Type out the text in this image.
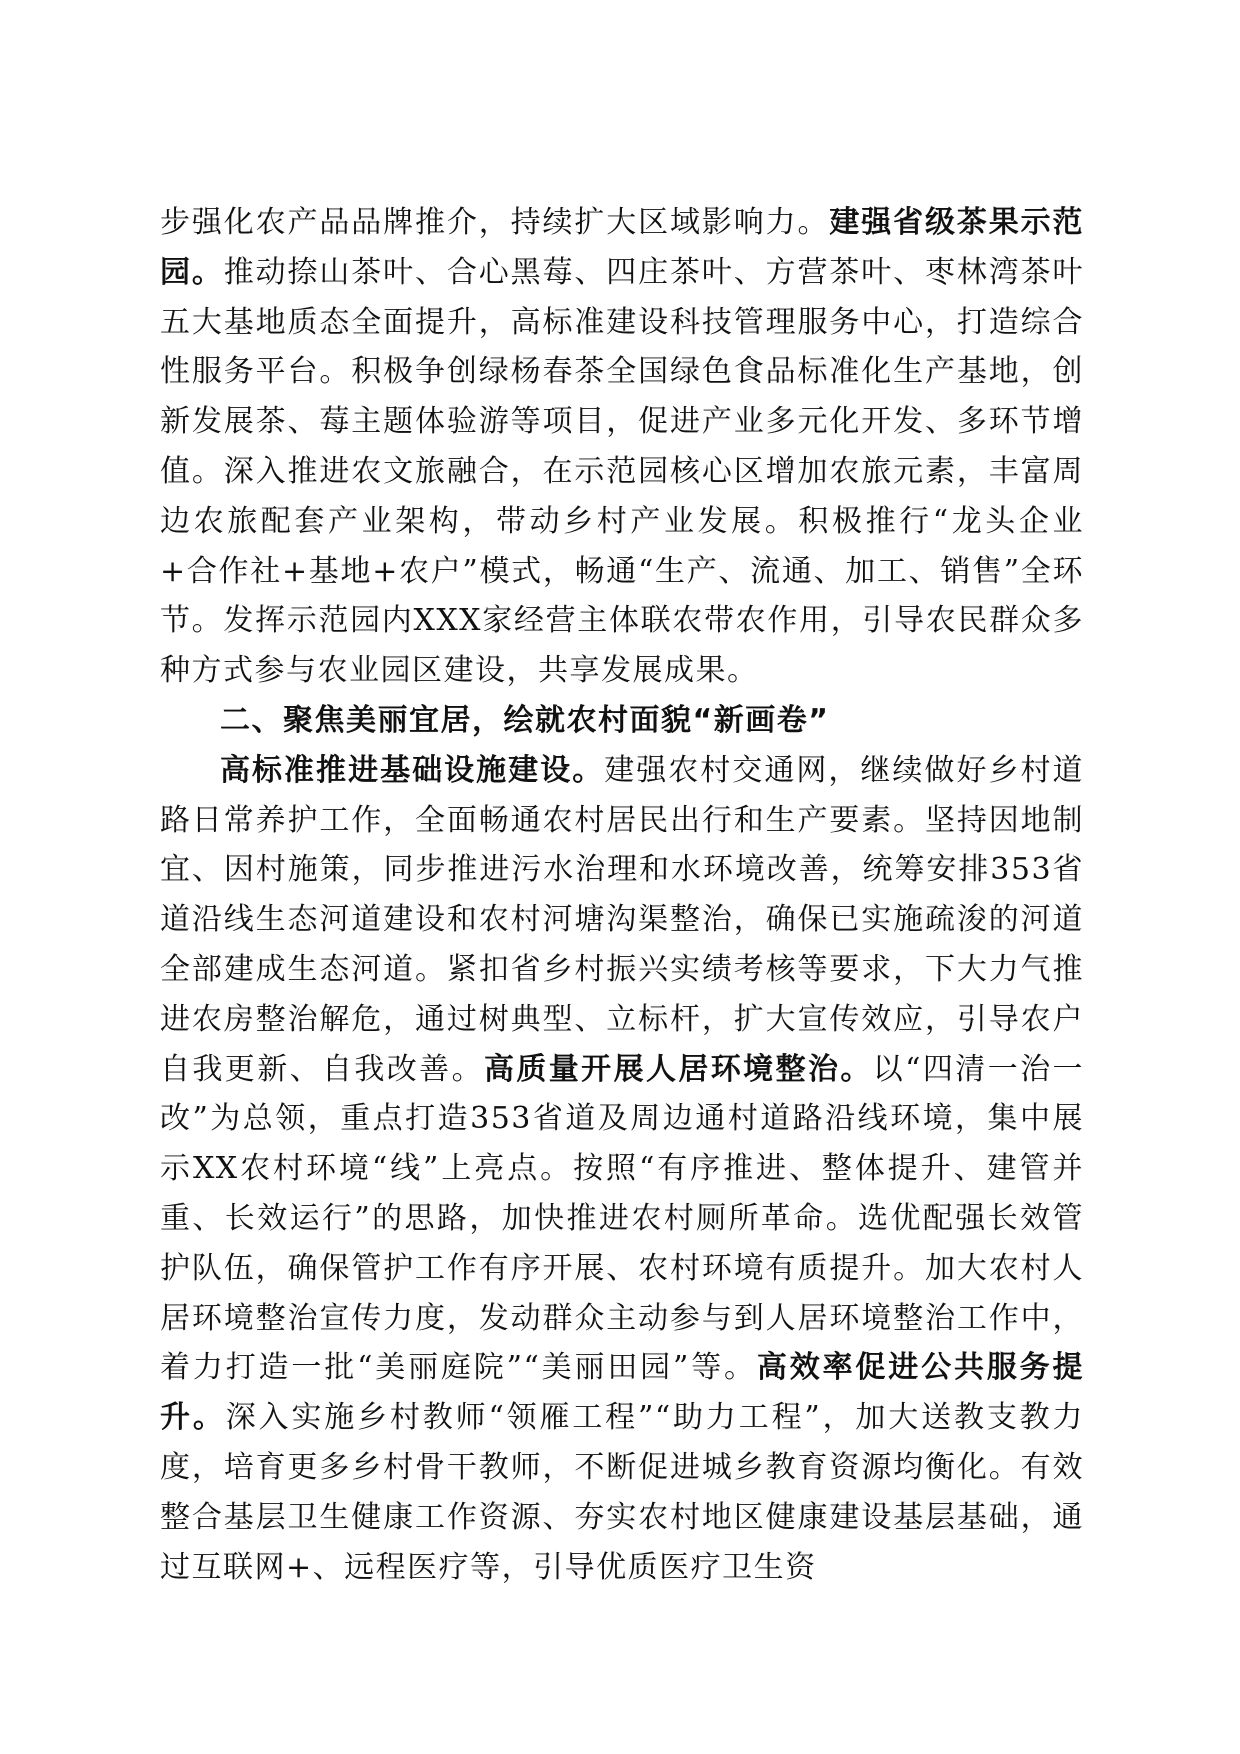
步强化农产品品牌推介，持续扩大区域影响力。建强省级茶果示范园。推动捺山茶叶、合心黑莓、四庄茶叶、方营茶叶、枣林湾茶叶五大基地质态全面提升，高标准建设科技管理服务中心，打造综合性服务平台。积极争创绿杨春茶全国绿色食品标准化生产基地，创新发展茶、莓主题体验游等项目，促进产业多元化开发、多环节增值。深入推进农文旅融合，在示范园核心区增加农旅元素，丰富周边农旅配套产业架构，带动乡村产业发展。积极推行“龙头企业+合作社+基地+农户”模式，畅通“生产、流通、加工、销售”全环节。发挥示范园内XXX家经营主体联农带农作用，引导农民群众多种方式参与农业园区建设，共享发展成果。

二、聚焦美丽宜居，绘就农村面貌“新画卷”

高标准推进基础设施建设。建强农村交通网，继续做好乡村道路日常养护工作，全面畅通农村居民出行和生产要素。坚持因地制宜、因村施策，同步推进污水治理和水环境改善，统筹安排353省道沿线生态河道建设和农村河塘沟渠整治，确保已实施疏浚的河道全部建成生态河道。紧扣省乡村振兴实绩考核等要求，下大力气推进农房整治解危，通过树典型、立标杆，扩大宣传效应，引导农户自我更新、自我改善。高质量开展人居环境整治。以“四清一治一改”为总领，重点打造353省道及周边通村道路沿线环境，集中展示XX农村环境“线”上亮点。按照“有序推进、整体提升、建管并重、长效运行”的思路，加快推进农村厕所革命。选优配强长效管护队伍，确保管护工作有序开展、农村环境有质提升。加大农村人居环境整治宣传力度，发动群众主动参与到人居环境整治工作中，着力打造一批“美丽庭院”“美丽田园”等。高效率促进公共服务提升。深入实施乡村教师“领雁工程”“助力工程”，加大送教支教力度，培育更多乡村骨干教师，不断促进城乡教育资源均衡化。有效整合基层卫生健康工作资源、夯实农村地区健康建设基层基础，通过互联网+、远程医疗等，引导优质医疗卫生资
